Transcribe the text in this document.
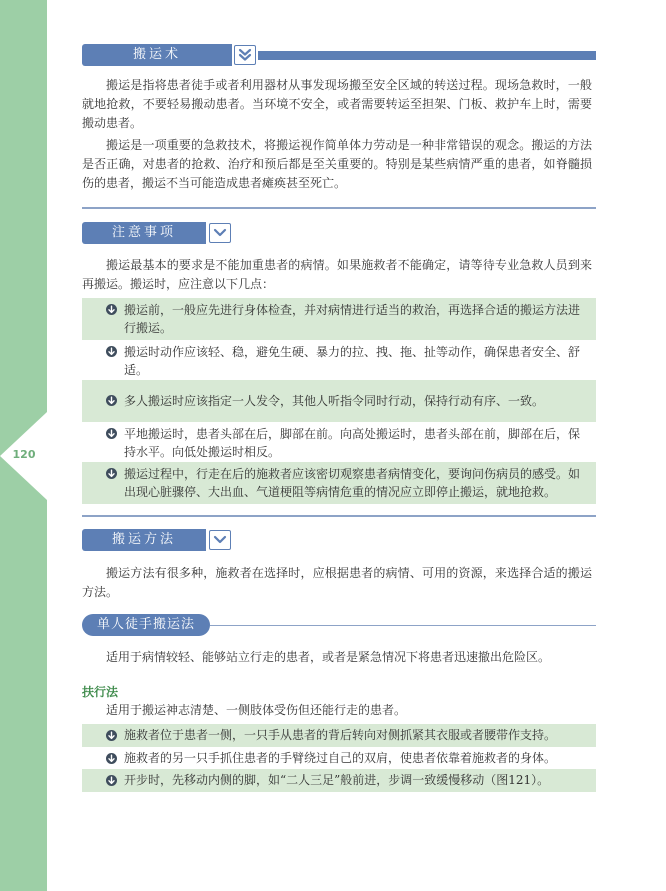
120
搬运术

搬运是指将患者徒手或者利用器材从事发现场搬至安全区域的转送过程。现场急救时，一般就地抢救，不要轻易搬动患者。当环境不安全，或者需要转运至担架、门板、救护车上时，需要搬动患者。

搬运是一项重要的急救技术，将搬运视作简单体力劳动是一种非常错误的观念。搬运的方法是否正确，对患者的抢救、治疗和预后都是至关重要的。特别是某些病情严重的患者，如脊髓损伤的患者，搬运不当可能造成患者瘫痪甚至死亡。

注意事项

搬运最基本的要求是不能加重患者的病情。如果施救者不能确定，请等待专业急救人员到来再搬运。搬运时，应注意以下几点：

搬运前，一般应先进行身体检查，并对病情进行适当的救治，再选择合适的搬运方法进行搬运。
搬运时动作应该轻、稳，避免生硬、暴力的拉、拽、拖、扯等动作，确保患者安全、舒适。
多人搬运时应该指定一人发令，其他人听指令同时行动，保持行动有序、一致。
平地搬运时，患者头部在后，脚部在前。向高处搬运时，患者头部在前，脚部在后，保持水平。向低处搬运时相反。
搬运过程中，行走在后的施救者应该密切观察患者病情变化，要询问伤病员的感受。如出现心脏骤停、大出血、气道梗阻等病情危重的情况应立即停止搬运，就地抢救。
搬运方法

搬运方法有很多种，施救者在选择时，应根据患者的病情、可用的资源，来选择合适的搬运方法。

单人徒手搬运法

适用于病情较轻、能够站立行走的患者，或者是紧急情况下将患者迅速撤出危险区。

扶行法

适用于搬运神志清楚、一侧肢体受伤但还能行走的患者。

施救者位于患者一侧，一只手从患者的背后转向对侧抓紧其衣服或者腰带作支持。
施救者的另一只手抓住患者的手臂绕过自己的双肩，使患者依靠着施救者的身体。
开步时，先移动内侧的脚，如“二人三足”般前进，步调一致缓慢移动（图121）。
